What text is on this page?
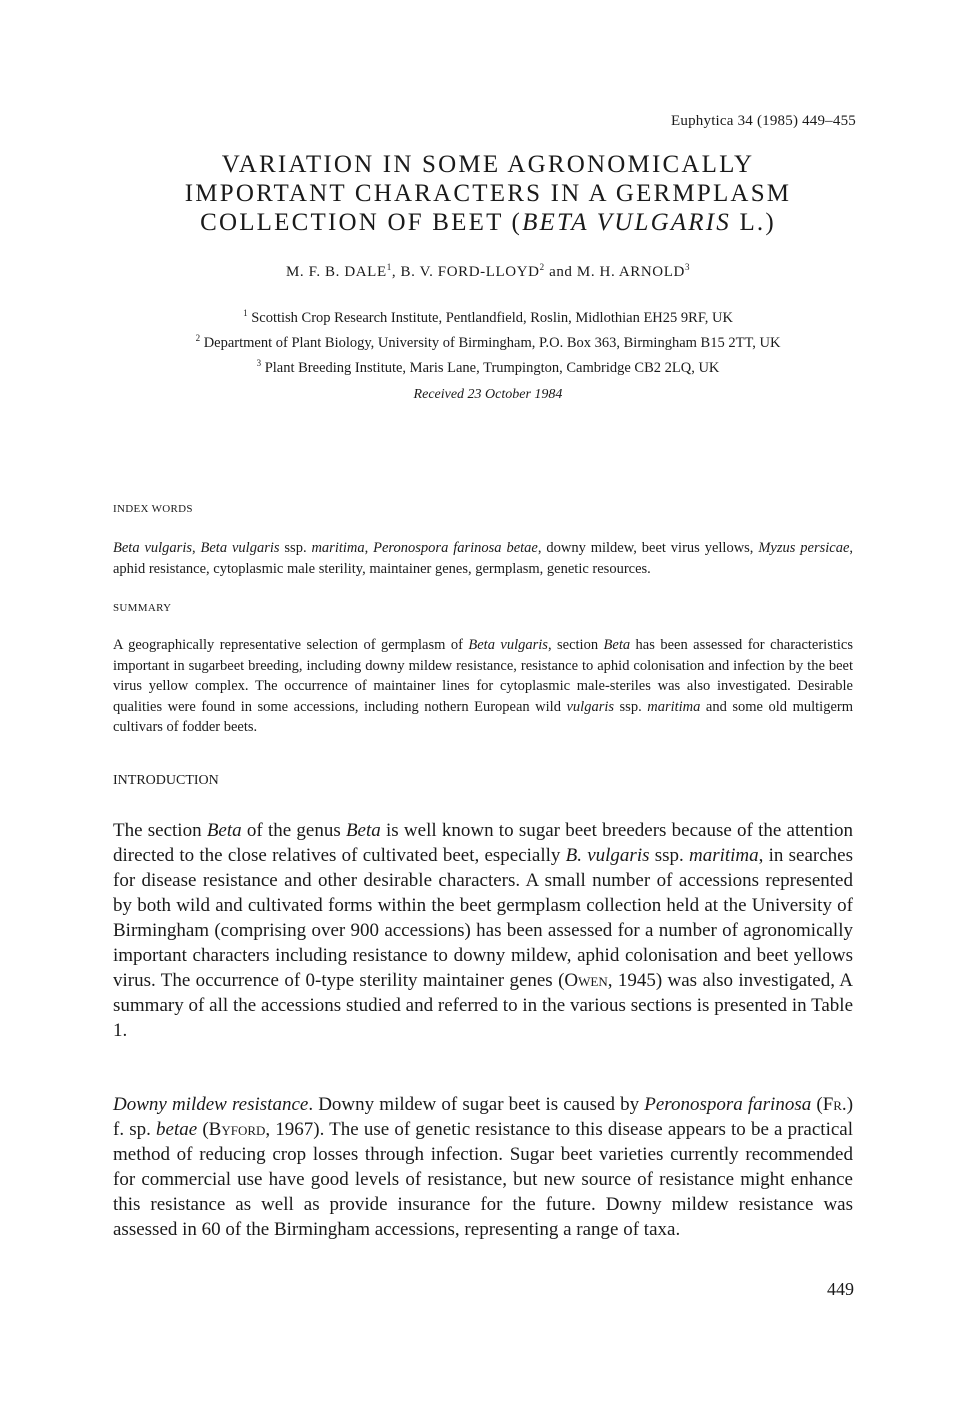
Euphytica 34 (1985) 449–455
VARIATION IN SOME AGRONOMICALLY
IMPORTANT CHARACTERS IN A GERMPLASM
COLLECTION OF BEET (BETA VULGARIS L.)
M. F. B. DALE$^1$, B. V. FORD-LLOYD$^2$ and M. H. ARNOLD$^3$
$^1$ Scottish Crop Research Institute, Pentlandfield, Roslin, Midlothian EH25 9RF, UK
$^2$ Department of Plant Biology, University of Birmingham, P.O. Box 363, Birmingham B15 2TT, UK
$^3$ Plant Breeding Institute, Maris Lane, Trumpington, Cambridge CB2 2LQ, UK
Received 23 October 1984
INDEX WORDS

Beta vulgaris, Beta vulgaris ssp. maritima, Peronospora farinosa betae, downy mildew, beet virus yellows, Myzus persicae, aphid resistance, cytoplasmic male sterility, maintainer genes, germplasm, genetic resources.

SUMMARY

A geographically representative selection of germplasm of Beta vulgaris, section Beta has been assessed for characteristics important in sugarbeet breeding, including downy mildew resistance, resistance to aphid colonisation and infection by the beet virus yellow complex. The occurrence of maintainer lines for cytoplasmic male-steriles was also investigated. Desirable qualities were found in some accessions, including nothern European wild vulgaris ssp. maritima and some old multigerm cultivars of fodder beets.

INTRODUCTION

The section Beta of the genus Beta is well known to sugar beet breeders because of the attention directed to the close relatives of cultivated beet, especially B. vulgaris ssp. maritima, in searches for disease resistance and other desirable characters. A small number of accessions represented by both wild and cultivated forms within the beet germplasm collection held at the University of Birmingham (comprising over 900 accessions) has been assessed for a number of agronomically important characters including resistance to downy mildew, aphid colonisation and beet yellows virus. The occurrence of 0-type sterility maintainer genes (Owen, 1945) was also investigated, A summary of all the accessions studied and referred to in the various sections is presented in Table 1.

Downy mildew resistance. Downy mildew of sugar beet is caused by Peronospora farinosa (Fr.) f. sp. betae (Byford, 1967). The use of genetic resistance to this disease appears to be a practical method of reducing crop losses through infection. Sugar beet varieties currently recommended for commercial use have good levels of resistance, but new source of resistance might enhance this resistance as well as provide insurance for the future. Downy mildew resistance was assessed in 60 of the Birmingham accessions, representing a range of taxa.

449
